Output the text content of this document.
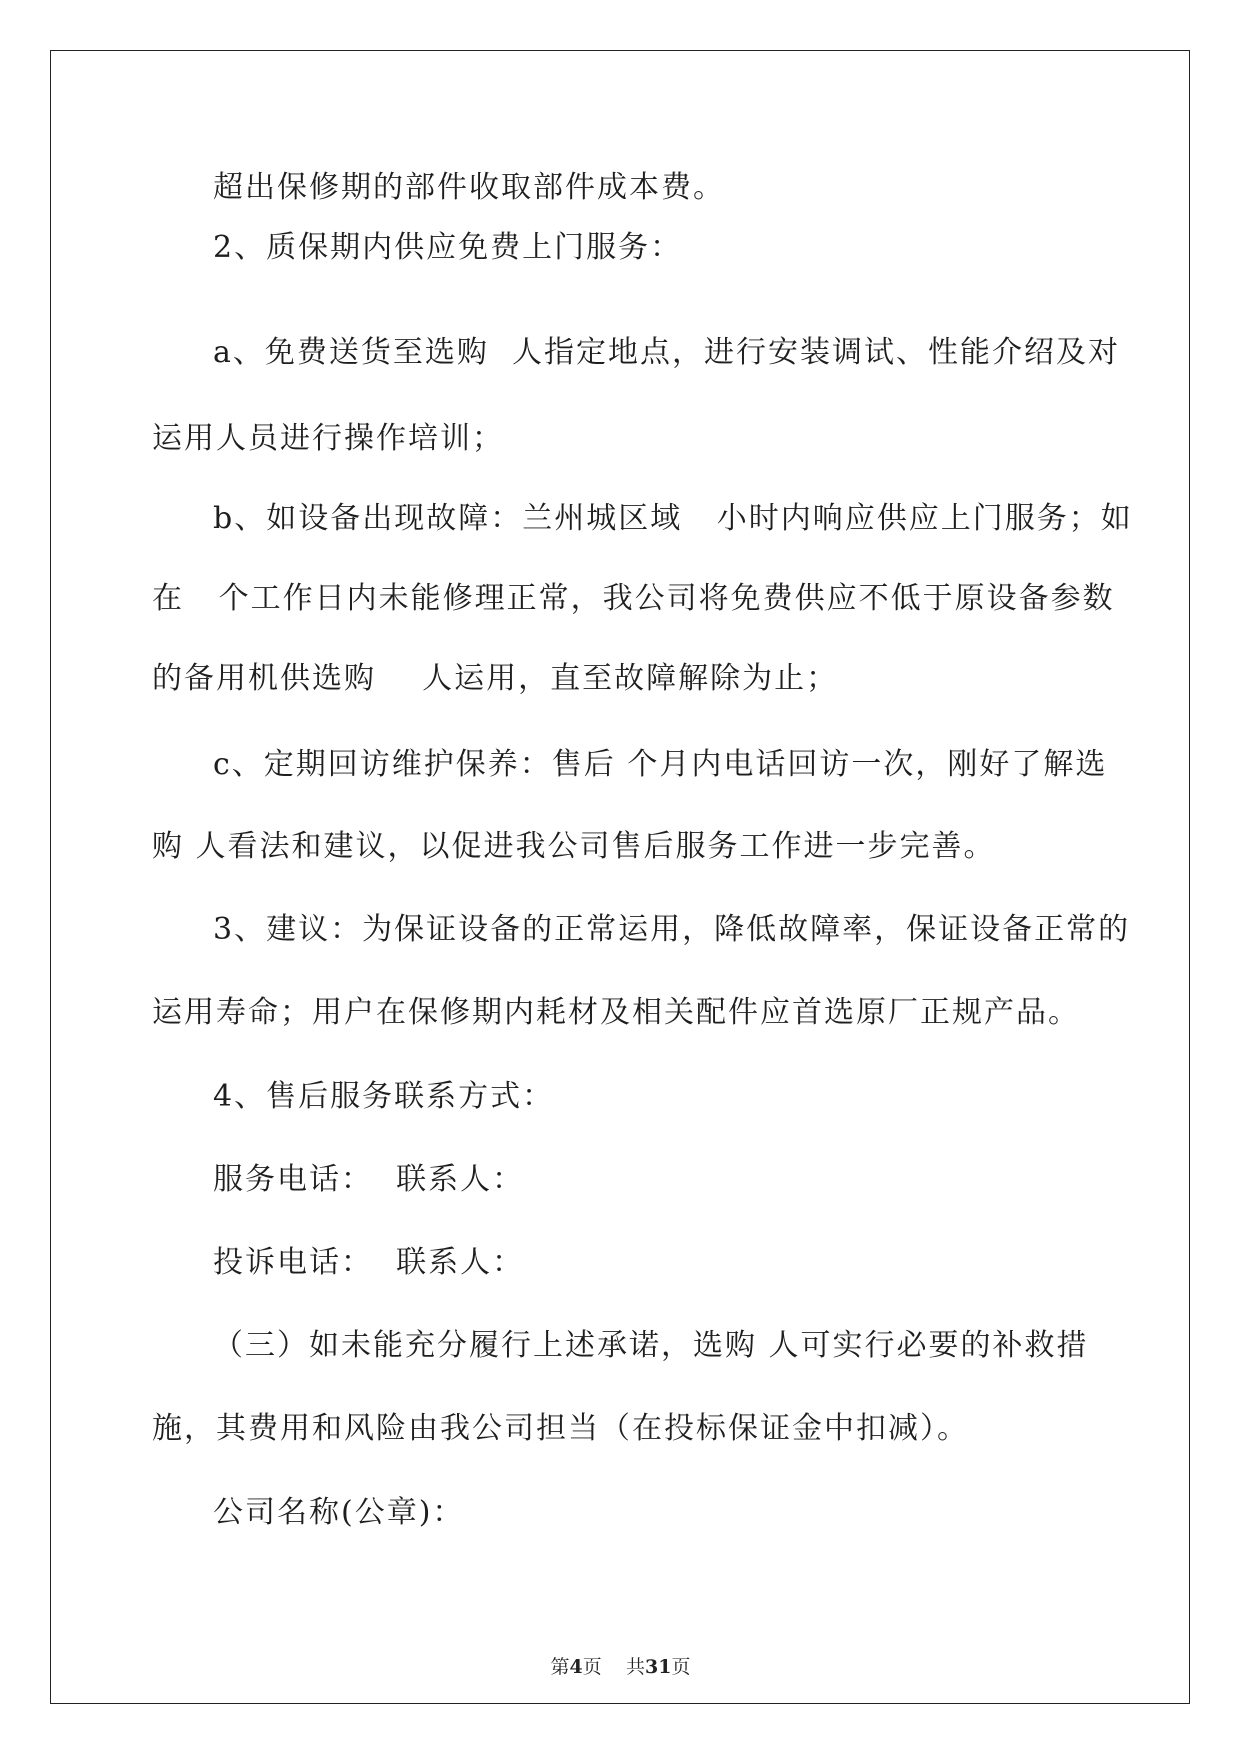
超出保修期的部件收取部件成本费。
2、质保期内供应免费上门服务：
a、免费送货至选购  人指定地点，进行安装调试、性能介绍及对
运用人员进行操作培训；
b、如设备出现故障：兰州城区域   小时内响应供应上门服务；如
在   个工作日内未能修理正常，我公司将免费供应不低于原设备参数
的备用机供选购    人运用，直至故障解除为止；
c、定期回访维护保养：售后 个月内电话回访一次，刚好了解选
购 人看法和建议，以促进我公司售后服务工作进一步完善。
3、建议：为保证设备的正常运用，降低故障率，保证设备正常的
运用寿命；用户在保修期内耗材及相关配件应首选原厂正规产品。
4、售后服务联系方式：
服务电话：  联系人：
投诉电话：  联系人：
（三）如未能充分履行上述承诺，选购 人可实行必要的补救措
施，其费用和风险由我公司担当（在投标保证金中扣减）。
公司名称(公章)：
第4页 共31页
